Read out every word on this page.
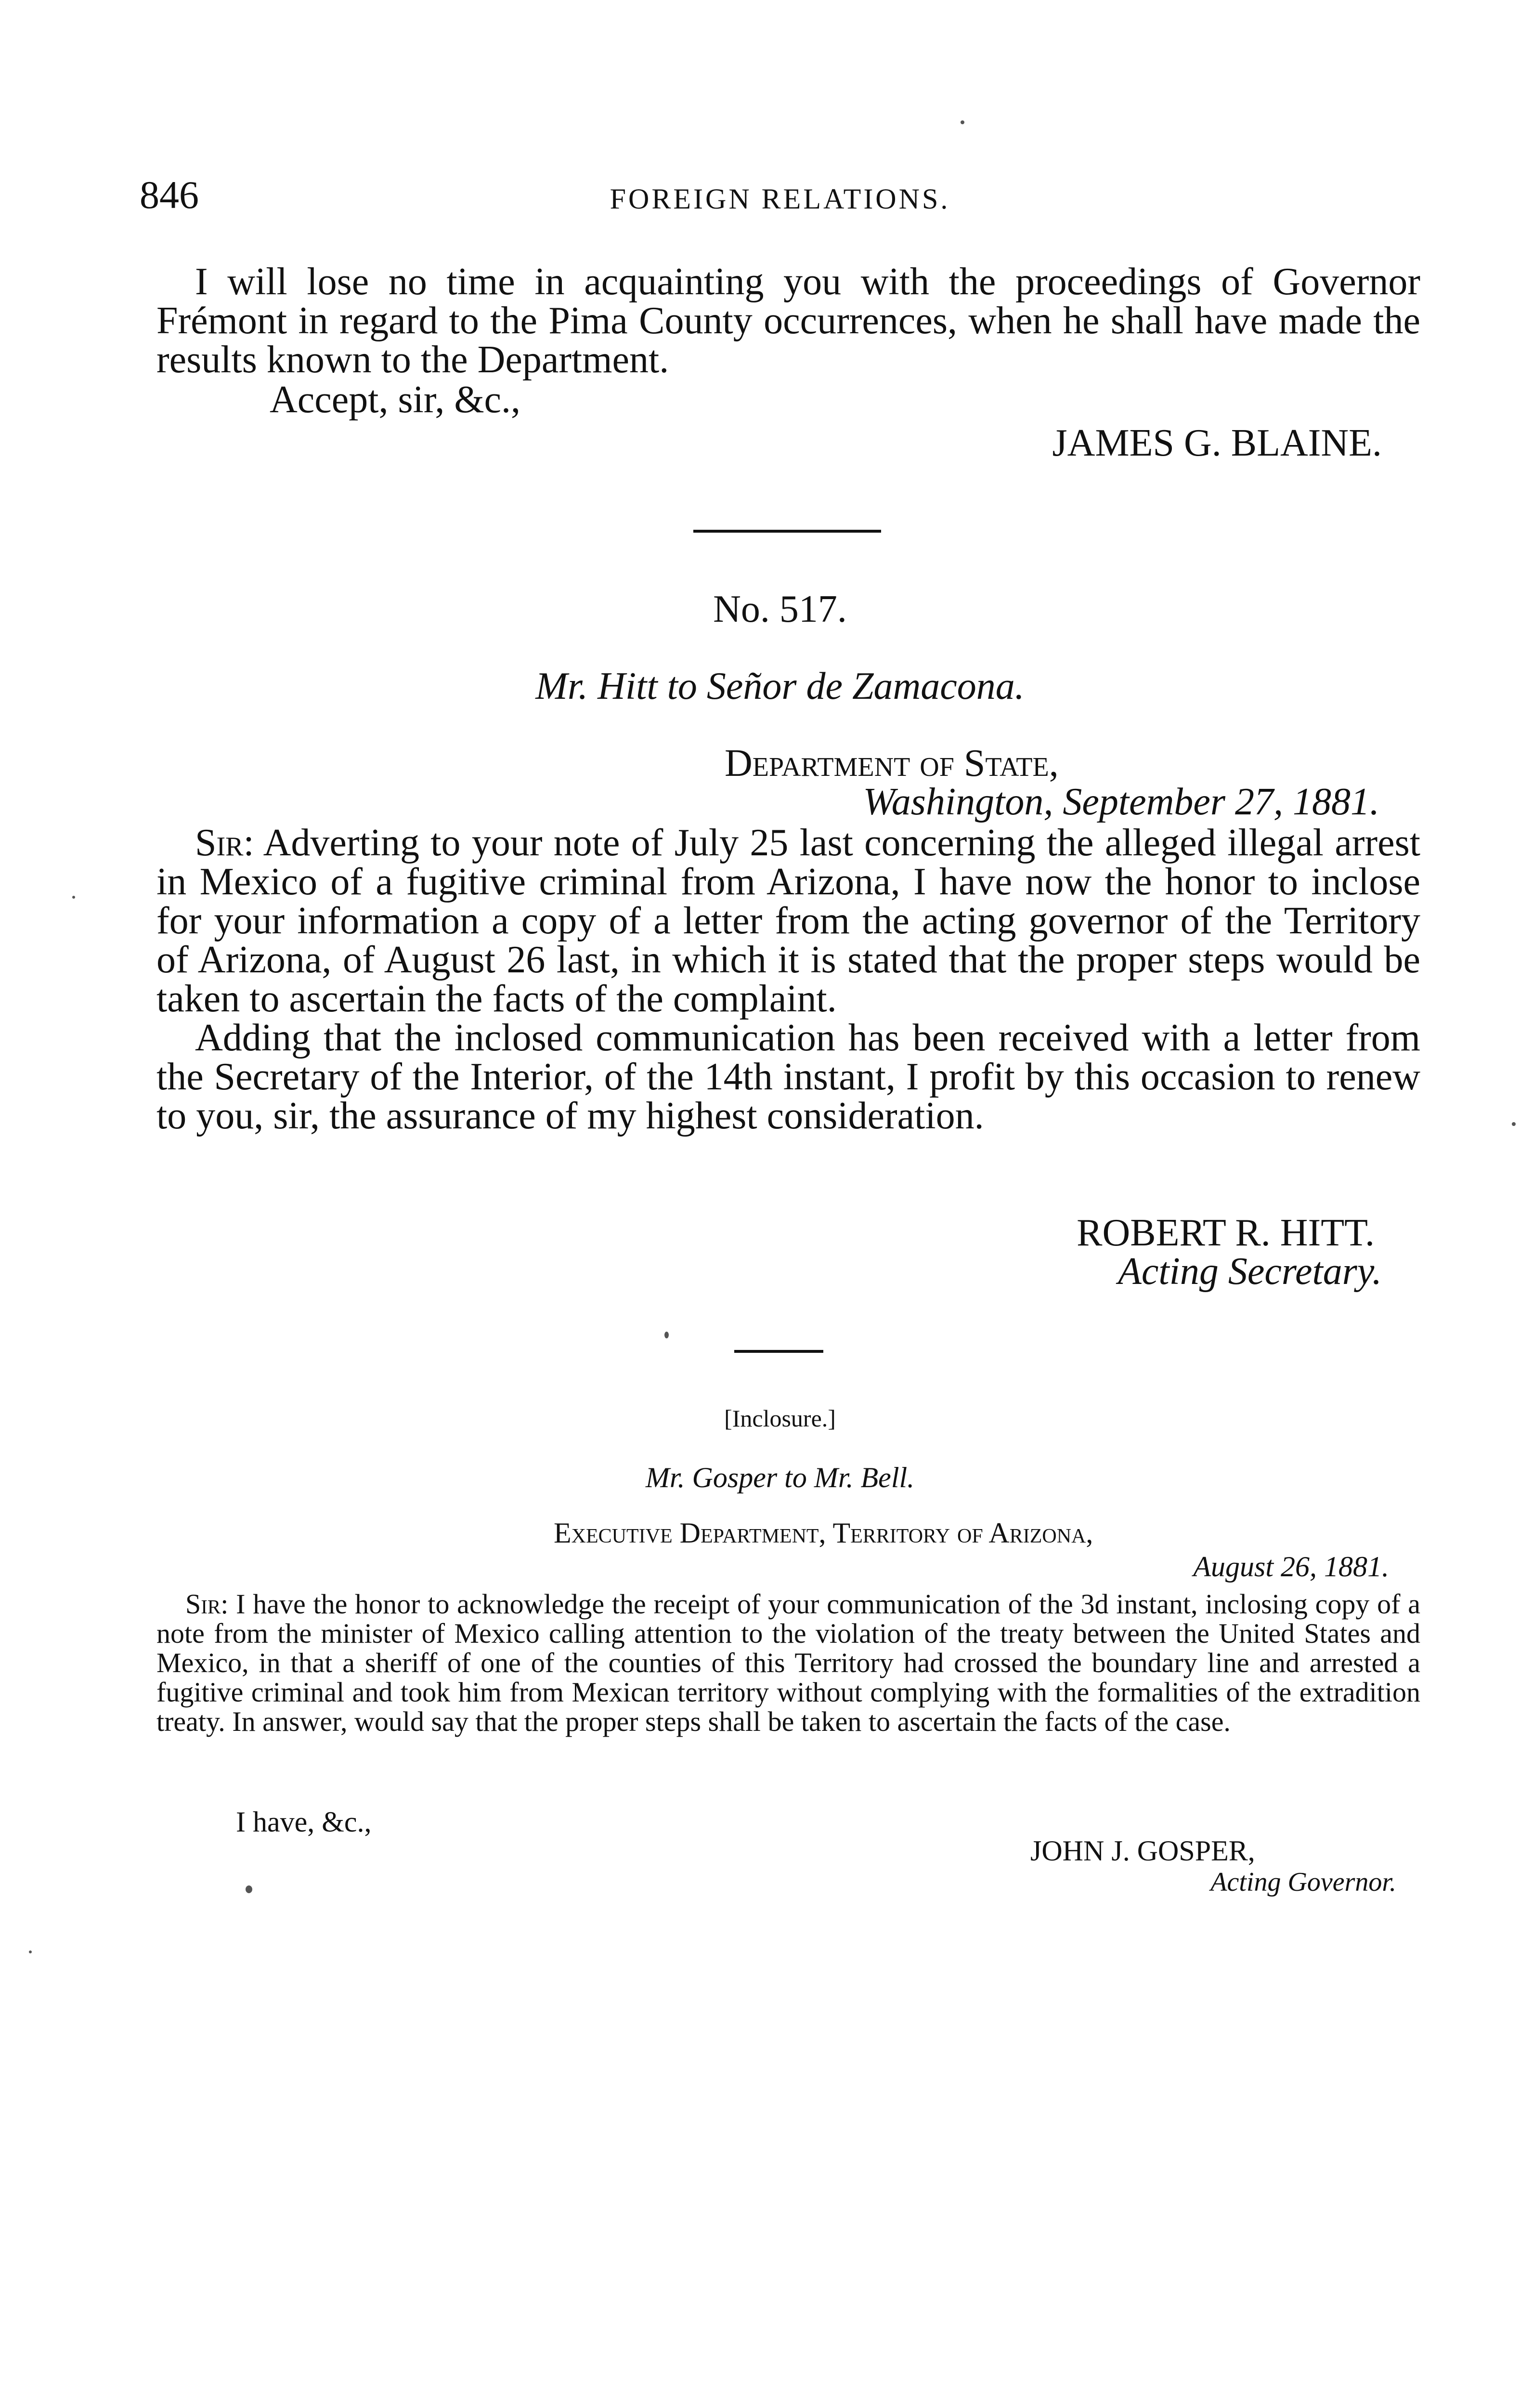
846	FOREIGN RELATIONS.

I will lose no time in acquainting you with the proceedings of Governor Frémont in regard to the Pima County occurrences, when he shall have made the results known to the Department.

Accept, sir, &c.,
JAMES G. BLAINE.
No. 517.
Mr. Hitt to Señor de Zamacona.
Department of State,
Washington, September 27, 1881.

Sir: Adverting to your note of July 25 last concerning the alleged illegal arrest in Mexico of a fugitive criminal from Arizona, I have now the honor to inclose for your information a copy of a letter from the acting governor of the Territory of Arizona, of August 26 last, in which it is stated that the proper steps would be taken to ascertain the facts of the complaint.

Adding that the inclosed communication has been received with a letter from the Secretary of the Interior, of the 14th instant, I profit by this occasion to renew to you, sir, the assurance of my highest consideration.

ROBERT R. HITT.
Acting Secretary.
[Inclosure.]
Mr. Gosper to Mr. Bell.
Executive Department, Territory of Arizona,
August 26, 1881.

Sir: I have the honor to acknowledge the receipt of your communication of the 3d instant, inclosing copy of a note from the minister of Mexico calling attention to the violation of the treaty between the United States and Mexico, in that a sheriff of one of the counties of this Territory had crossed the boundary line and arrested a fugitive criminal and took him from Mexican territory without complying with the formalities of the extradition treaty. In answer, would say that the proper steps shall be taken to ascertain the facts of the case.

I have, &c.,
JOHN J. GOSPER,
Acting Governor.
